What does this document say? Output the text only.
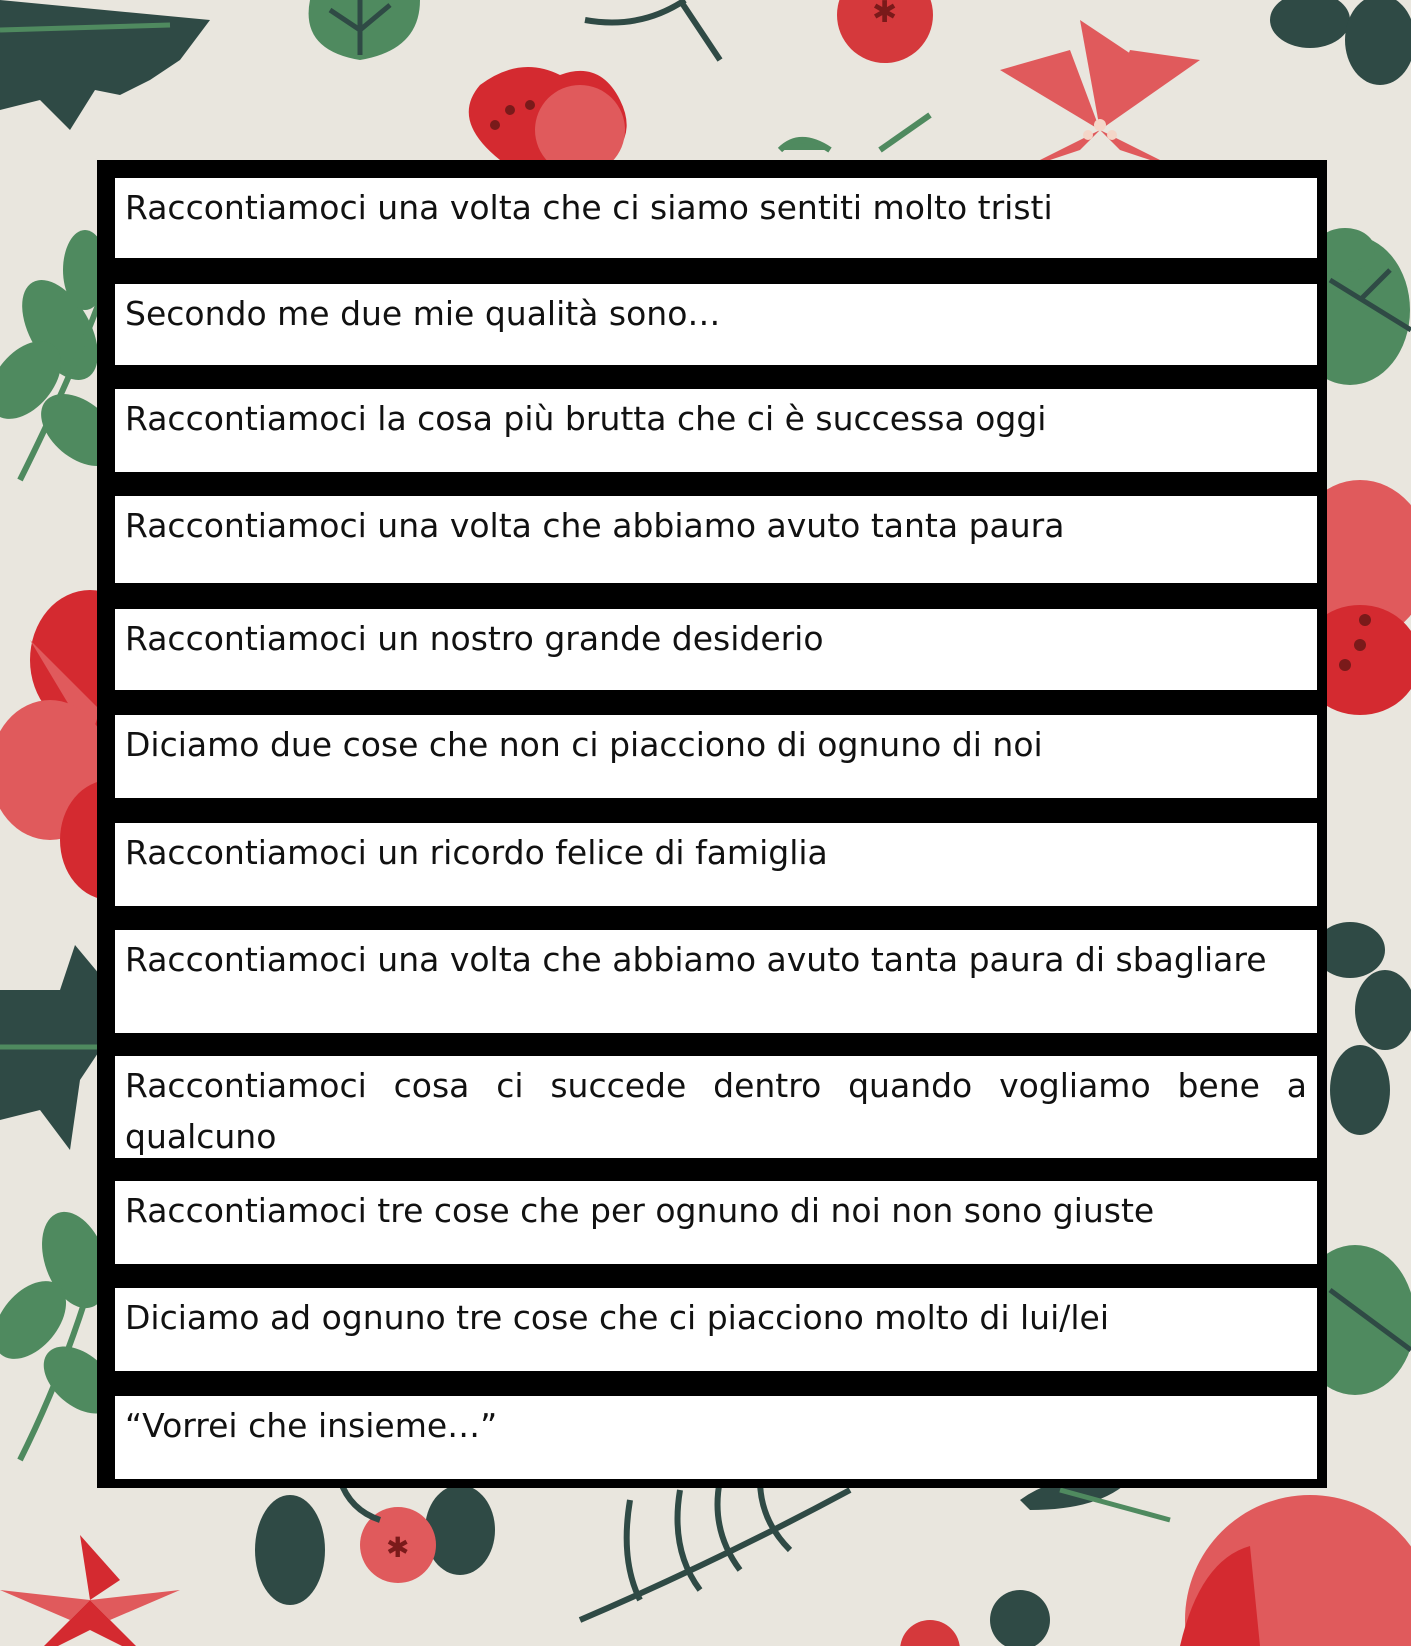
✱
✱
Raccontiamoci una volta che ci siamo sentiti molto tristi
Secondo me due mie qualità sono…
Raccontiamoci la cosa più brutta che ci è successa oggi
Raccontiamoci una volta che abbiamo avuto tanta paura
Raccontiamoci un nostro grande desiderio
Diciamo due cose che non ci piacciono di ognuno di noi
Raccontiamoci un ricordo felice di famiglia
Raccontiamoci una volta che abbiamo avuto tanta paura di sbagliare
Raccontiamoci cosa ci succede dentro quando vogliamo bene a qualcuno
Raccontiamoci tre cose che per ognuno di noi non sono giuste
Diciamo ad ognuno tre cose che ci piacciono molto di lui/lei
“Vorrei che insieme…”
